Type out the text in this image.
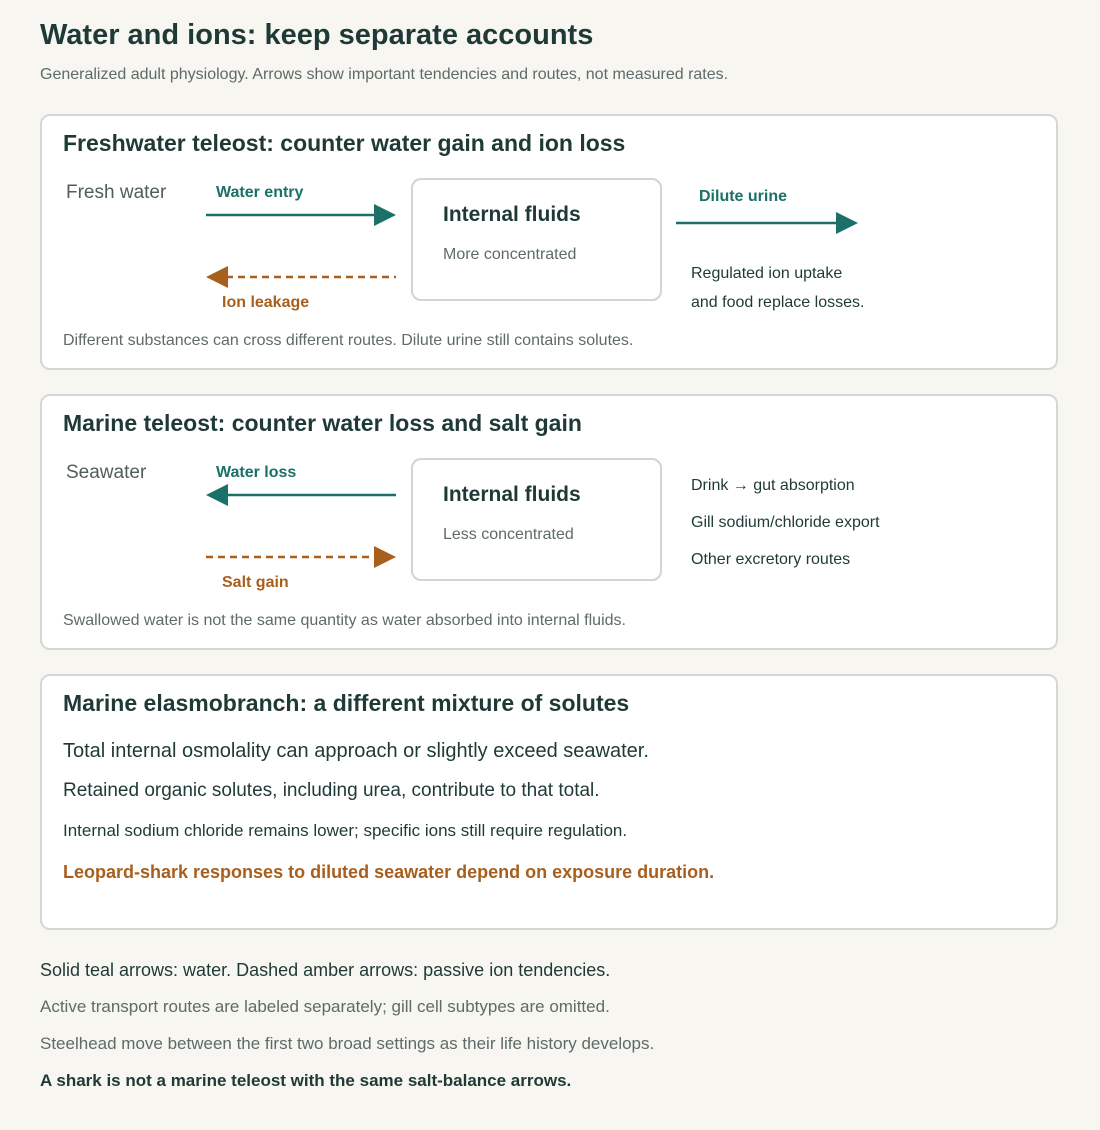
Water and ions: keep separate accounts
Generalized adult physiology. Arrows show important tendencies and routes, not measured rates.
Freshwater teleost: counter water gain and ion loss
Fresh water	Water entry
Ion leakage
Internal fluids
More concentrated
Dilute urine
Regulated ion uptake
and food replace losses.
Different substances can cross different routes. Dilute urine still contains solutes.
Marine teleost: counter water loss and salt gain
Seawater	Water loss
Salt gain
Internal fluids
Less concentrated
Drink → gut absorption
Gill sodium/chloride export
Other excretory routes
Swallowed water is not the same quantity as water absorbed into internal fluids.
Marine elasmobranch: a different mixture of solutes
Total internal osmolality can approach or slightly exceed seawater.
Retained organic solutes, including urea, contribute to that total.
Internal sodium chloride remains lower; specific ions still require regulation.
Leopard-shark responses to diluted seawater depend on exposure duration.
Solid teal arrows: water. Dashed amber arrows: passive ion tendencies.
Active transport routes are labeled separately; gill cell subtypes are omitted.
Steelhead move between the first two broad settings as their life history develops.
A shark is not a marine teleost with the same salt-balance arrows.
